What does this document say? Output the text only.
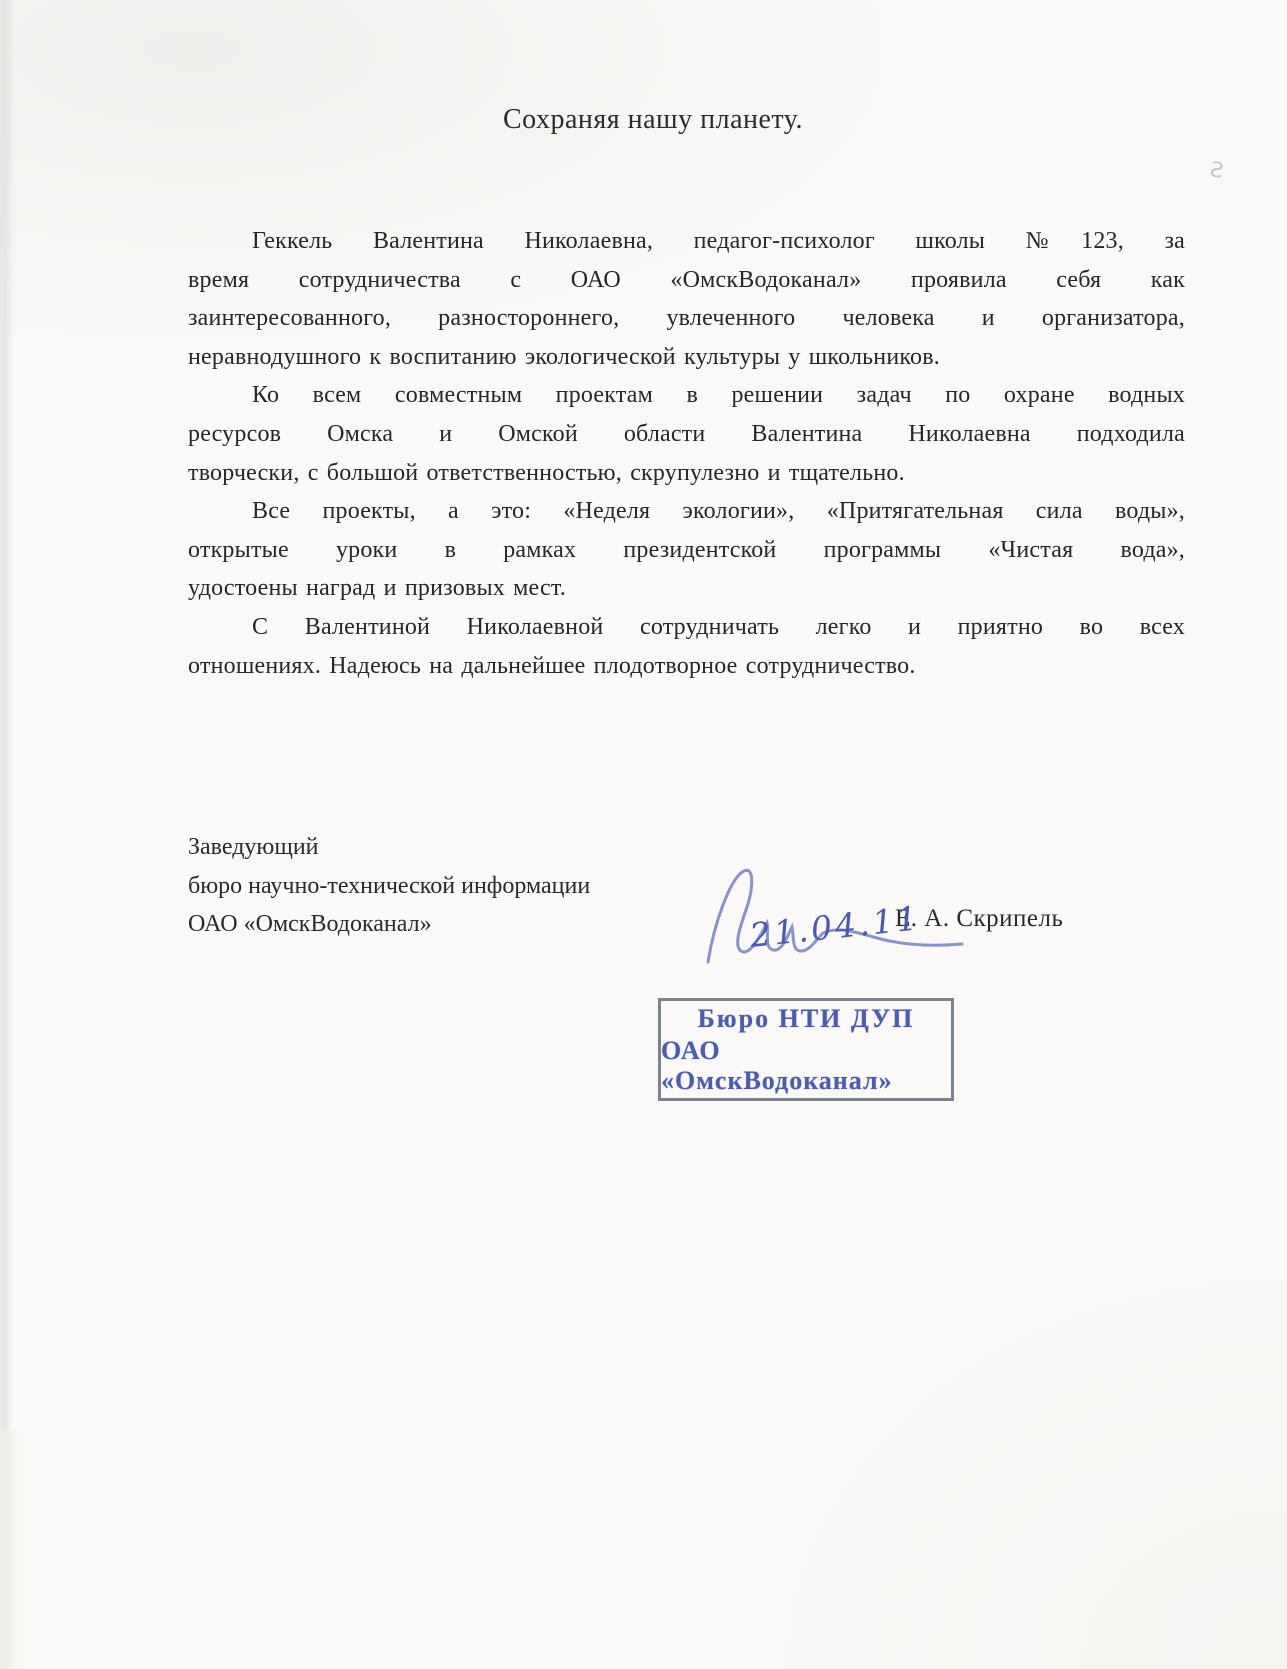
Сохраняя нашу планету.
Геккель Валентина Николаевна, педагог-психолог школы №123, за
время сотрудничества с ОАО «ОмскВодоканал» проявила себя как
заинтересованного, разностороннего, увлеченного человека и организатора,
неравнодушного к воспитанию экологической культуры у школьников.
Ко всем совместным проектам в решении задач по охране водных
ресурсов Омска и Омской области Валентина Николаевна подходила
творчески, с большой ответственностью, скрупулезно и тщательно.
Все проекты, а это: «Неделя экологии», «Притягательная сила воды»,
открытые уроки в рамках президентской программы «Чистая вода»,
удостоены наград и призовых мест.
С Валентиной Николаевной сотрудничать легко и приятно во всех
отношениях. Надеюсь на дальнейшее плодотворное сотрудничество.
Заведующий
бюро научно-технической информации
ОАО «ОмскВодоканал»	Е. А. Скрипель
21.04.11
Бюро НТИ ДУП
ОАО «ОмскВодоканал»
Ƨ
